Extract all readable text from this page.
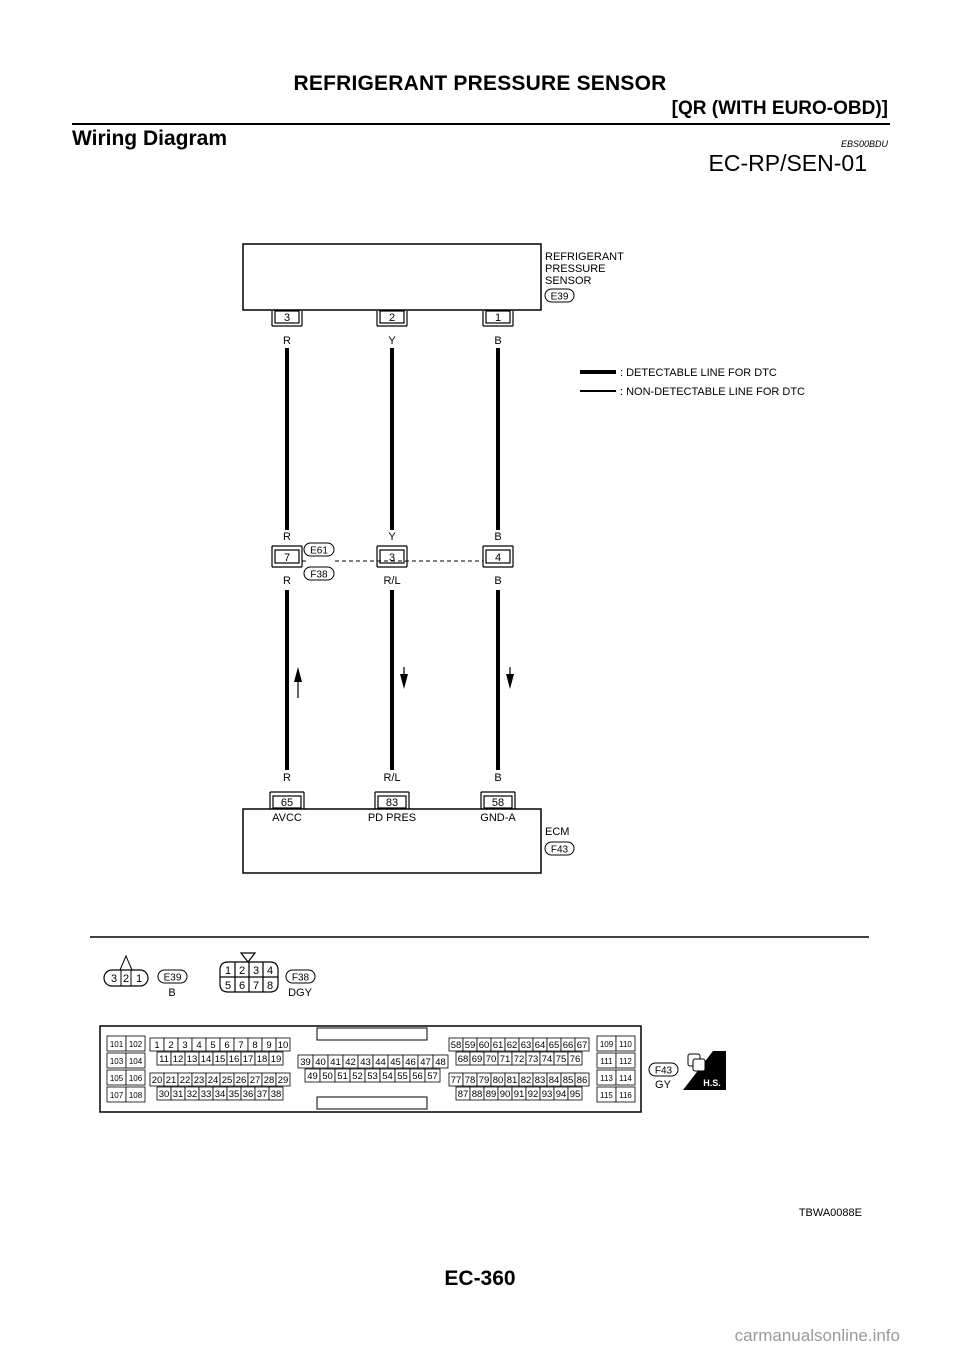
REFRIGERANT PRESSURE SENSOR
[QR (WITH EURO-OBD)]
Wiring Diagram	EBS00BDU
EC-RP/SEN-01
REFRIGERANT
PRESSURE
SENSOR
E39
3	2	1
R	Y	B
: DETECTABLE LINE FOR DTC
: NON-DETECTABLE LINE FOR DTC
R	Y	B
7	3	4
E61
F38
R	R/L	B
R	R/L	B
65	83	58
AVCC	PD PRES	GND-A
ECM
F43
3 2 1 E39
B
1 2 3 4
5 6 7 8
F38
DGY
101 102
103 104
105 106
107 108
109 110
111 112
113 114
115 116
1 2 3 4 5 6 7 8 9 10
11 12 13 14 15 16 17 18 19
20 21 22 23 24 25 26 27 28 29
30 31 32 33 34 35 36 37 38
39 40 41 42 43 44 45 46 47 48
49 50 51 52 53 54 55 56 57
58 59 60 61 62 63 64 65 66 67
68 69 70 71 72 73 74 75 76
77 78 79 80 81 82 83 84 85 86
87 88 89 90 91 92 93 94 95
F43
GY	H.S.
TBWA0088E
EC-360
carmanualsonline.info
